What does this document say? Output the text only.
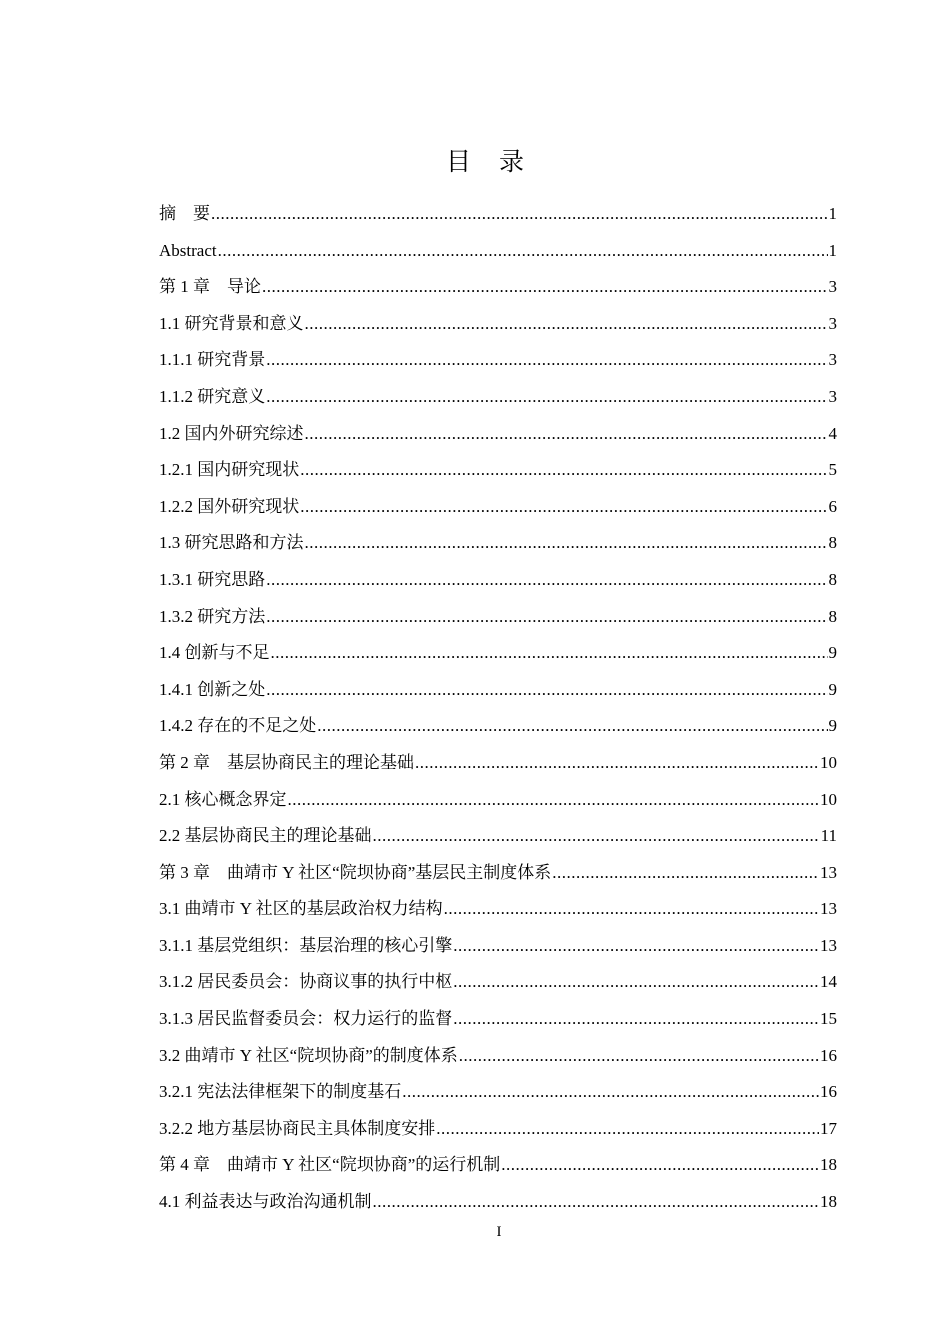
目录
摘　要 .....	1
Abstract .....	1
第 1 章　导论 .....	3
1.1 研究背景和意义 .....	3
1.1.1 研究背景 .....	3
1.1.2 研究意义 .....	3
1.2 国内外研究综述 .....	4
1.2.1 国内研究现状 .....	5
1.2.2 国外研究现状 .....	6
1.3 研究思路和方法 .....	8
1.3.1 研究思路 .....	8
1.3.2 研究方法 .....	8
1.4 创新与不足 .....	9
1.4.1 创新之处 .....	9
1.4.2 存在的不足之处 .....	9
第 2 章　基层协商民主的理论基础 .....	10
2.1 核心概念界定 .....	10
2.2 基层协商民主的理论基础 .....	11
第 3 章　曲靖市 Y 社区“院坝协商”基层民主制度体系 .....	13
3.1 曲靖市 Y 社区的基层政治权力结构 .....	13
3.1.1 基层党组织：基层治理的核心引擎 .....	13
3.1.2 居民委员会：协商议事的执行中枢 .....	14
3.1.3 居民监督委员会：权力运行的监督 .....	15
3.2 曲靖市 Y 社区“院坝协商”的制度体系 .....	16
3.2.1 宪法法律框架下的制度基石 .....	16
3.2.2 地方基层协商民主具体制度安排 .....	17
第 4 章　曲靖市 Y 社区“院坝协商”的运行机制 .....	18
4.1 利益表达与政治沟通机制 .....	18
I
